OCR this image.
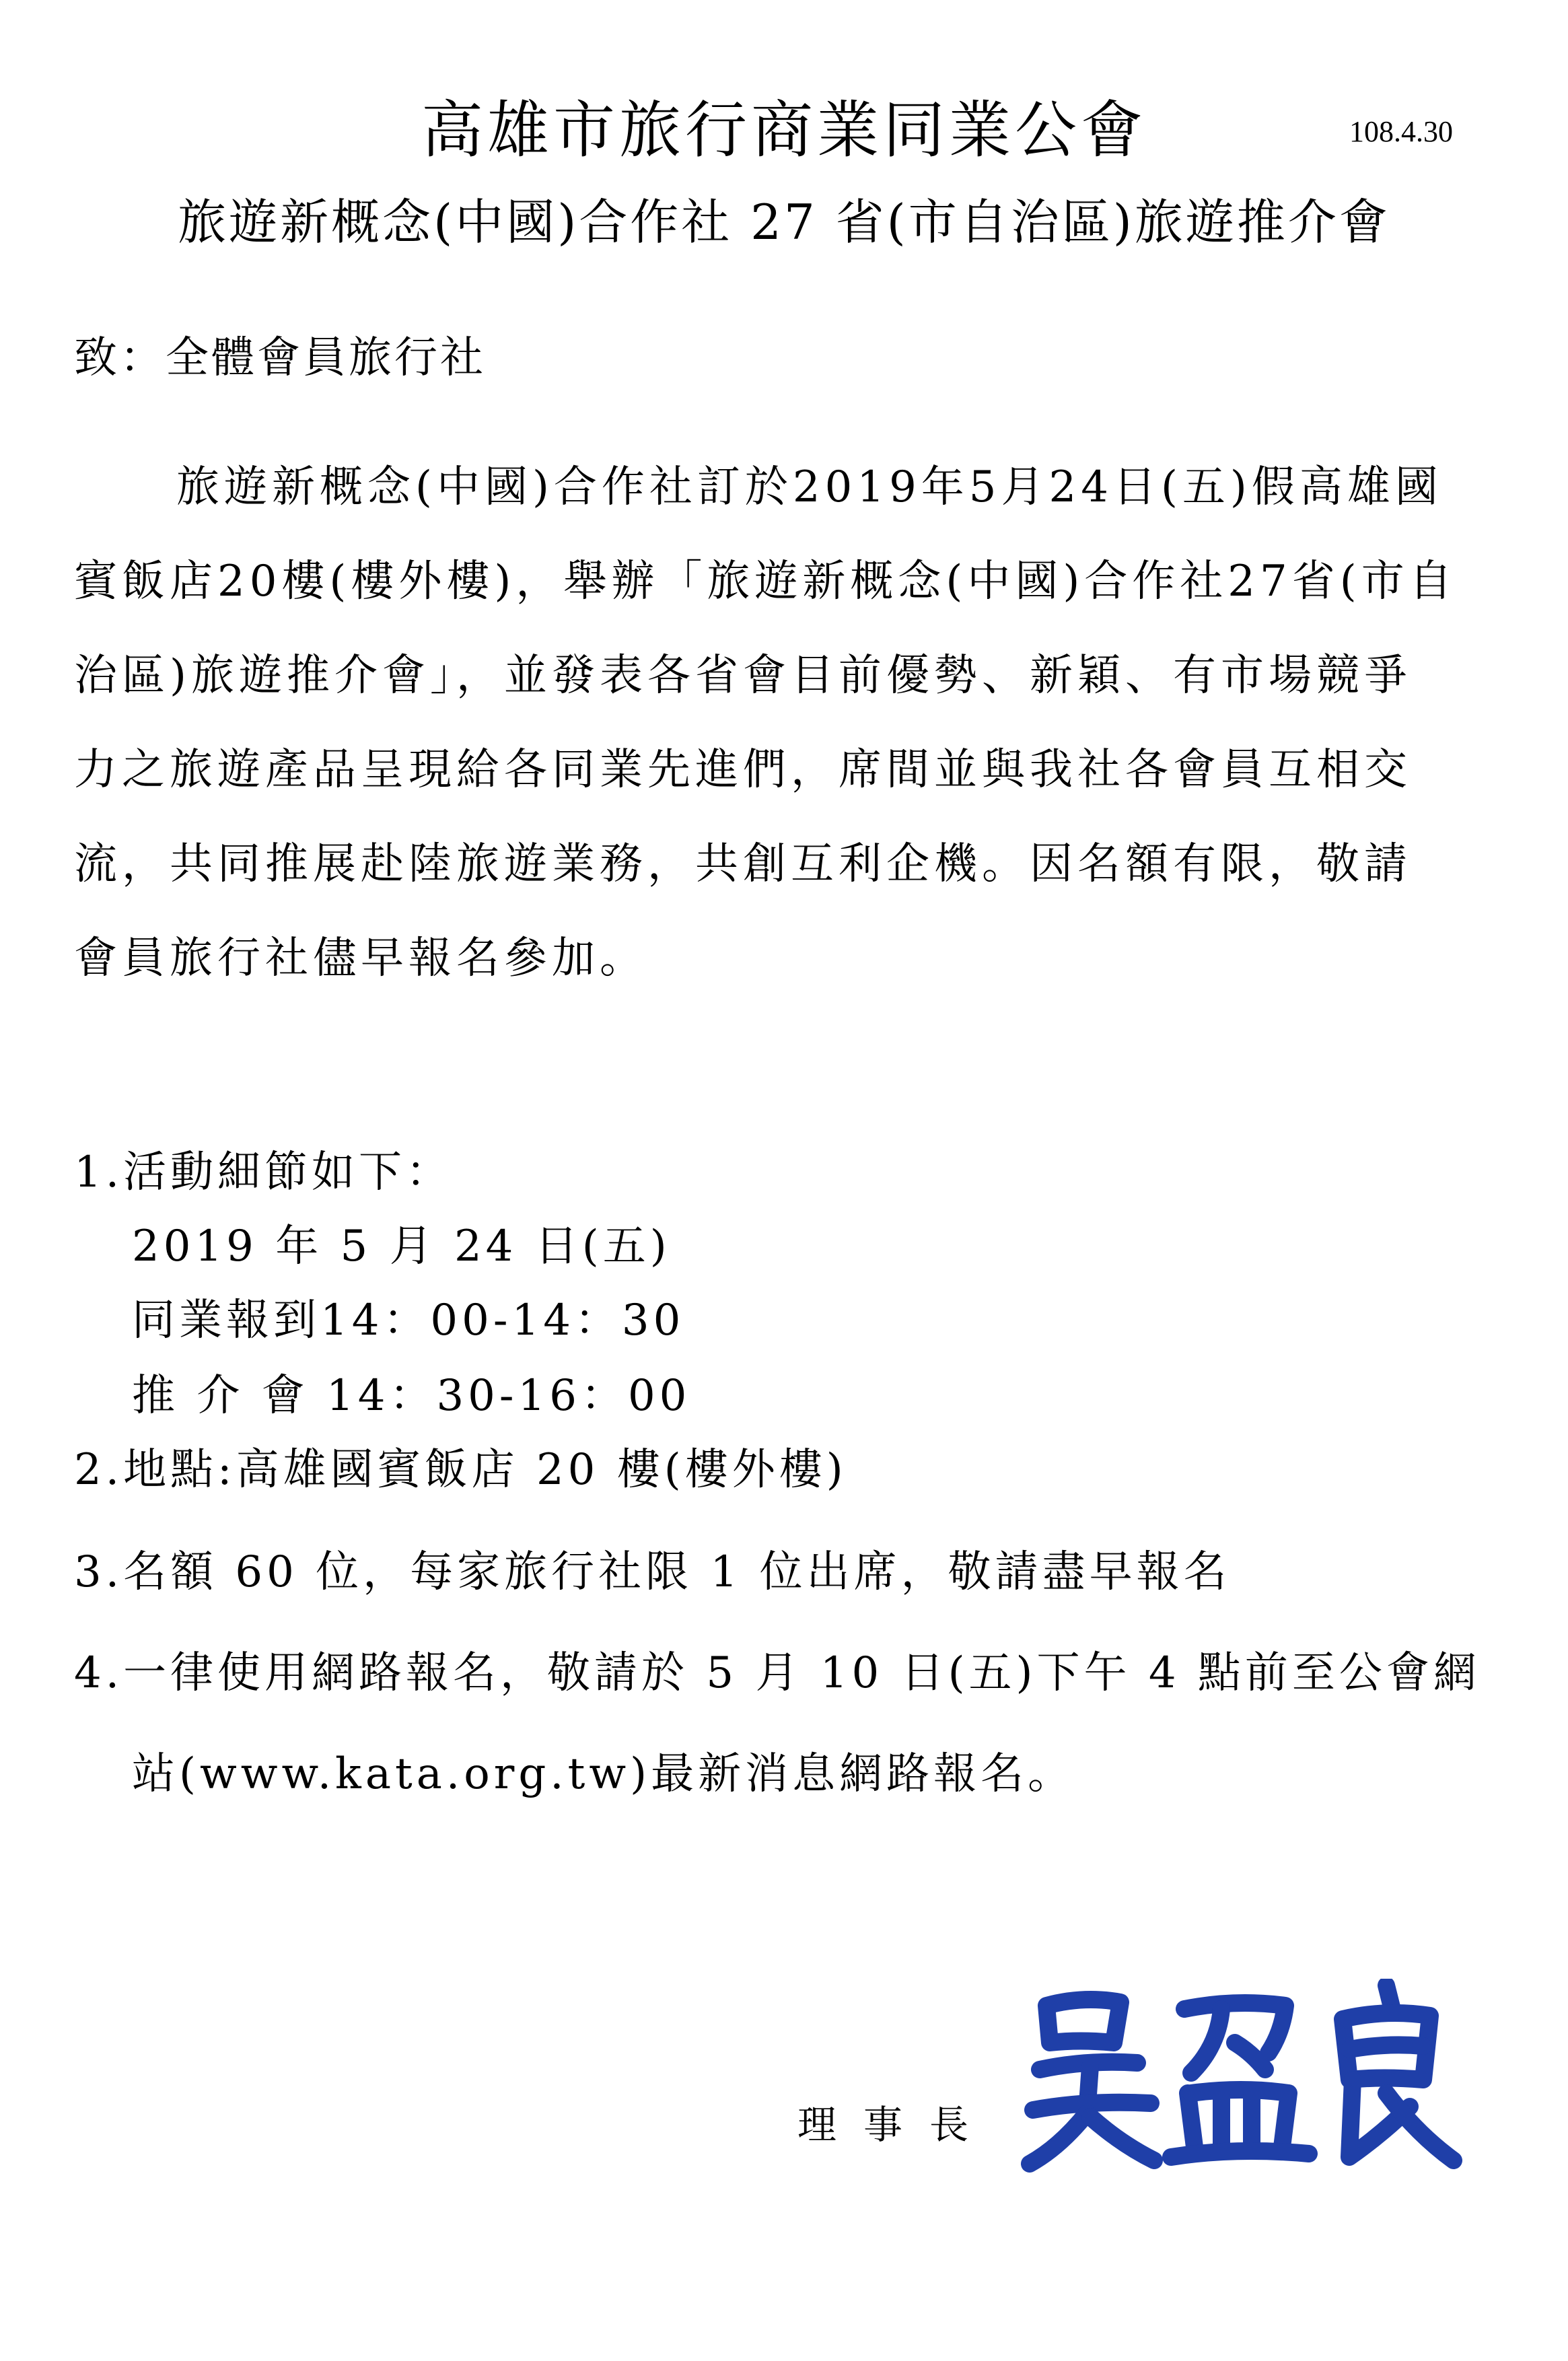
高雄市旅行商業同業公會	108.4.30
旅遊新概念(中國)合作社 27 省(市自治區)旅遊推介會
致：全體會員旅行社
旅遊新概念(中國)合作社訂於2019年5月24日(五)假高雄國
賓飯店20樓(樓外樓)，舉辦「旅遊新概念(中國)合作社27省(市自
治區)旅遊推介會」，並發表各省會目前優勢、新穎、有市場競爭
力之旅遊產品呈現給各同業先進們，席間並與我社各會員互相交
流，共同推展赴陸旅遊業務，共創互利企機。因名額有限，敬請
會員旅行社儘早報名參加。
1.活動細節如下：
2019 年 5 月 24 日(五)
同業報到14：00-14：30
推 介 會 14：30-16：00
2.地點:高雄國賓飯店 20 樓(樓外樓)
3.名額 60 位，每家旅行社限 1 位出席，敬請盡早報名
4.一律使用網路報名，敬請於 5 月 10 日(五)下午 4 點前至公會網
站(www.kata.org.tw)最新消息網路報名。
理事長
